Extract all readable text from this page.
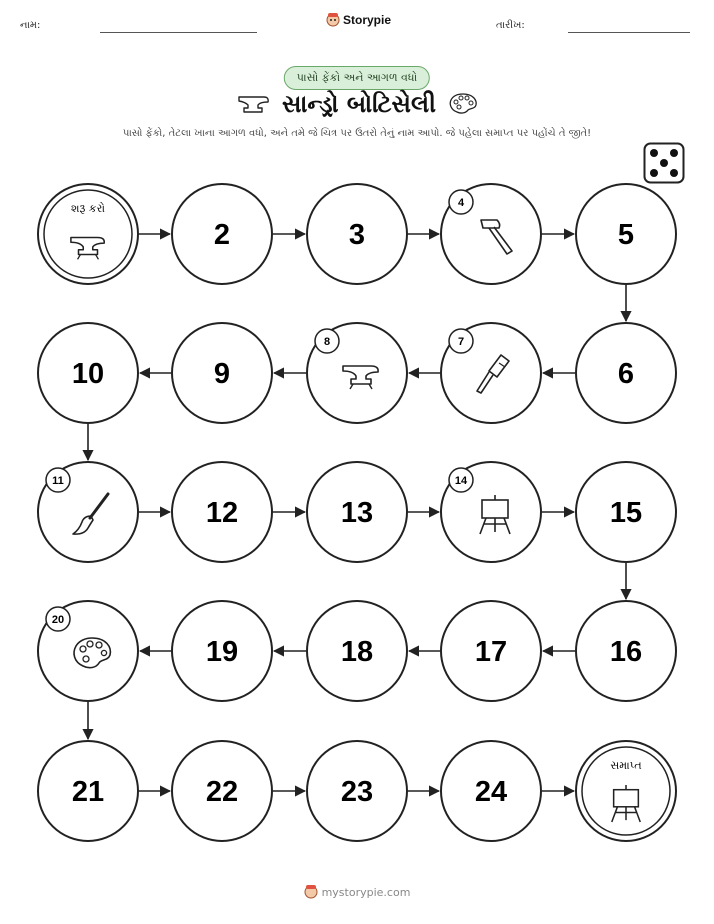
નામ:	Storypie	તારીખ:
પાસો ફેંકો અને આગળ વધો
સાન્ડ્રો બોટિસેલી
પાસો ફેંકો, તેટલા ખાના આગળ વધો, અને તમે જે ચિત્ર પર ઉતરો તેનું નામ આપો. જે પહેલા સમાપ્ત પર પહોંચે તે જીતે!
શરૂ કરો
2	3
4
5
6
7
8
9
10
11
12	13
14
15
16
17
18
19
20
21	22	23	24
સમાપ્ત
mystorypie.com
